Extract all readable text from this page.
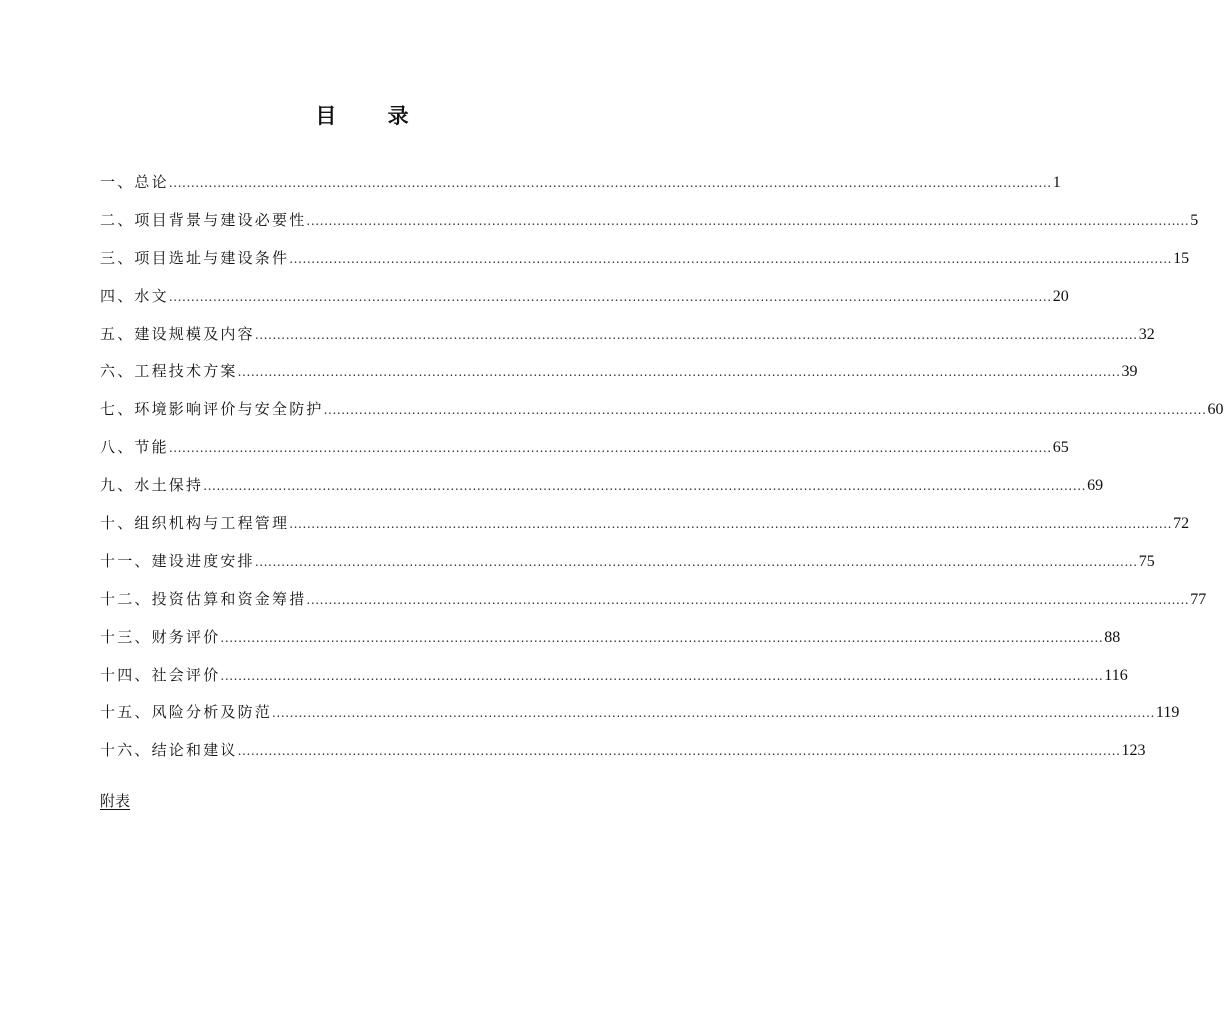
目 录
一、总论 ........................................................................................................................................................................................................ 1
二、项目背景与建设必要性 ........................................................................................................................................................................................................ 5
三、项目选址与建设条件 ........................................................................................................................................................................................................ 15
四、水文 ........................................................................................................................................................................................................ 20
五、建设规模及内容 ........................................................................................................................................................................................................ 32
六、工程技术方案 ........................................................................................................................................................................................................ 39
七、环境影响评价与安全防护 ........................................................................................................................................................................................................ 60
八、节能 ........................................................................................................................................................................................................ 65
九、水土保持 ........................................................................................................................................................................................................ 69
十、组织机构与工程管理 ........................................................................................................................................................................................................ 72
十一、建设进度安排 ........................................................................................................................................................................................................ 75
十二、投资估算和资金筹措 ........................................................................................................................................................................................................ 77
十三、财务评价 ........................................................................................................................................................................................................ 88
十四、社会评价 ........................................................................................................................................................................................................ 116
十五、风险分析及防范 ........................................................................................................................................................................................................ 119
十六、结论和建议 ........................................................................................................................................................................................................ 123
附表
